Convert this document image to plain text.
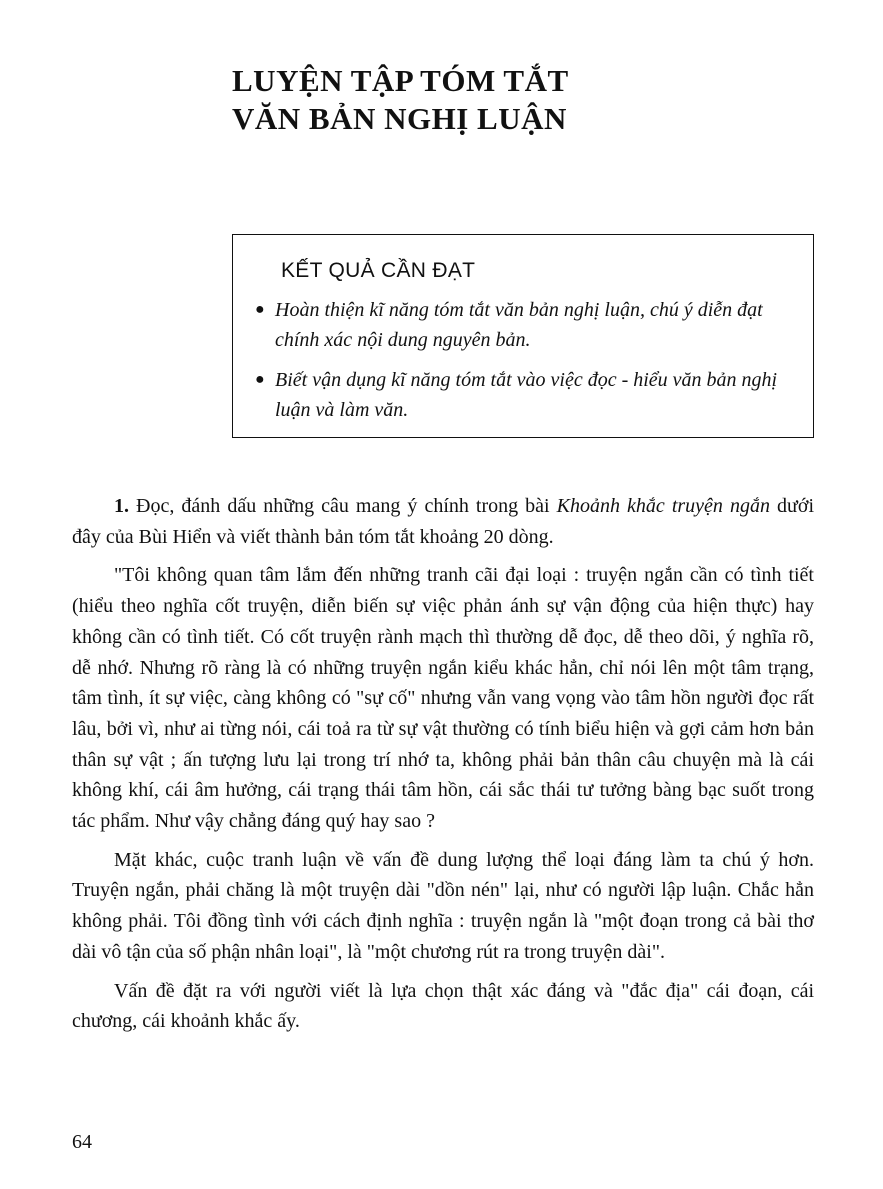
LUYỆN TẬP TÓM TẮT
VĂN BẢN NGHỊ LUẬN
KẾT QUẢ CẦN ĐẠT
● Hoàn thiện kĩ năng tóm tắt văn bản nghị luận, chú ý diễn đạt chính xác nội dung nguyên bản.
● Biết vận dụng kĩ năng tóm tắt vào việc đọc - hiểu văn bản nghị luận và làm văn.

1. Đọc, đánh dấu những câu mang ý chính trong bài Khoảnh khắc truyện ngắn dưới đây của Bùi Hiển và viết thành bản tóm tắt khoảng 20 dòng.

"Tôi không quan tâm lắm đến những tranh cãi đại loại : truyện ngắn cần có tình tiết (hiểu theo nghĩa cốt truyện, diễn biến sự việc phản ánh sự vận động của hiện thực) hay không cần có tình tiết. Có cốt truyện rành mạch thì thường dễ đọc, dễ theo dõi, ý nghĩa rõ, dễ nhớ. Nhưng rõ ràng là có những truyện ngắn kiểu khác hẳn, chỉ nói lên một tâm trạng, tâm tình, ít sự việc, càng không có "sự cố" nhưng vẫn vang vọng vào tâm hồn người đọc rất lâu, bởi vì, như ai từng nói, cái toả ra từ sự vật thường có tính biểu hiện và gợi cảm hơn bản thân sự vật ; ấn tượng lưu lại trong trí nhớ ta, không phải bản thân câu chuyện mà là cái không khí, cái âm hưởng, cái trạng thái tâm hồn, cái sắc thái tư tưởng bàng bạc suốt trong tác phẩm. Như vậy chẳng đáng quý hay sao ?

Mặt khác, cuộc tranh luận về vấn đề dung lượng thể loại đáng làm ta chú ý hơn. Truyện ngắn, phải chăng là một truyện dài "dồn nén" lại, như có người lập luận. Chắc hẳn không phải. Tôi đồng tình với cách định nghĩa : truyện ngắn là "một đoạn trong cả bài thơ dài vô tận của số phận nhân loại", là "một chương rút ra trong truyện dài".

Vấn đề đặt ra với người viết là lựa chọn thật xác đáng và "đắc địa" cái đoạn, cái chương, cái khoảnh khắc ấy.

64
